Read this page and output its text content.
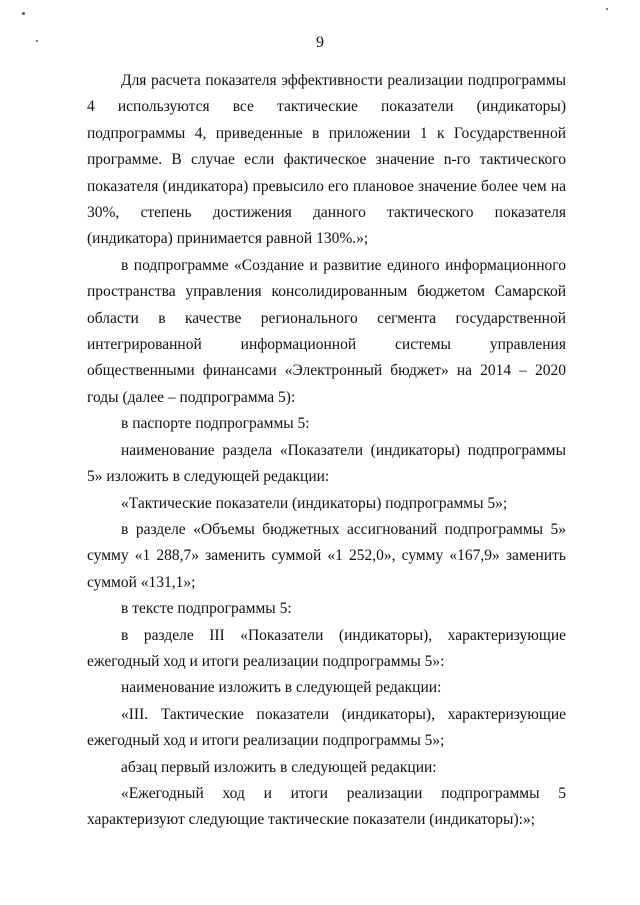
9

Для расчета показателя эффективности реализации подпрограммы 4 используются все тактические показатели (индикаторы) подпрограммы 4, приведенные в приложении 1 к Государственной программе. В случае если фактическое значение n-го тактического показателя (индикатора) превысило его плановое значение более чем на 30%, степень достижения данного тактического показателя (индикатора) принимается равной 130%.»;

в подпрограмме «Создание и развитие единого информационного пространства управления консолидированным бюджетом Самарской области в качестве регионального сегмента государственной интегрированной информационной системы управления общественными финансами «Электронный бюджет» на 2014 – 2020 годы (далее – подпрограмма 5):

в паспорте подпрограммы 5:

наименование раздела «Показатели (индикаторы) подпрограммы 5» изложить в следующей редакции:

«Тактические показатели (индикаторы) подпрограммы 5»;

в разделе «Объемы бюджетных ассигнований подпрограммы 5» сумму «1 288,7» заменить суммой «1 252,0», сумму «167,9» заменить суммой «131,1»;

в тексте подпрограммы 5:

в разделе III «Показатели (индикаторы), характеризующие ежегодный ход и итоги реализации подпрограммы 5»:

наименование изложить в следующей редакции:

«III. Тактические показатели (индикаторы), характеризующие ежегодный ход и итоги реализации подпрограммы 5»;

абзац первый изложить в следующей редакции:

«Ежегодный ход и итоги реализации подпрограммы 5 характеризуют следующие тактические показатели (индикаторы):»;
